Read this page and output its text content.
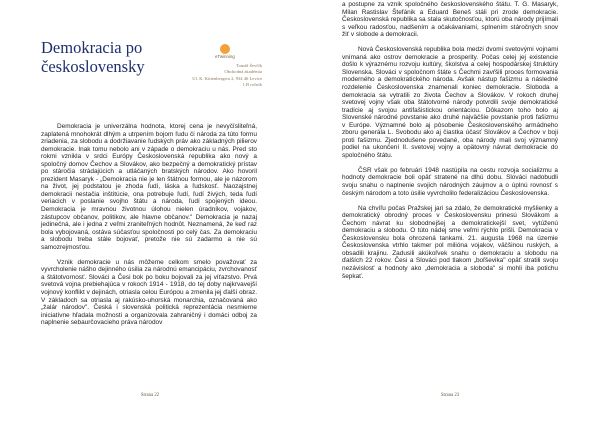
Demokracia po československy
eTwinning
Tomáš Ševčík
Obchodná akadémia
Ul. K. Kittenbergera 2, 934 46 Levice
1.B ročník

Demokracia je univerzálna hodnota, ktorej cena je nevyčísliteľná, zaplatená mnohokrát dlhým a utrpením bojom ľudu či národa za túto formu zriadenia, za slobodu a dodržiavanie ľudských práv ako základných pilierov demokracie. Inak tomu nebolo ani v západe o demokraciu u nás. Pred sto rokmi vznikla v srdci Európy Československá republika ako nový a spoločný domov Čechov a Slovákov, ako bezpečný a demokratický prístav po stáročia strádajúcich a utláčaných bratských národov. Ako hovoril prezident Masaryk - „Demokracia nie je len štátnou formou, ale je názorom na život, jej podstatou je zhoda ľudí, láska a ľudskosť. Naozajstnej demokracii nestačia inštitúcie, ona potrebuje ľudí, ľudí živých, teda ľudí veriacich v poslanie svojho štátu a národa, ľudí spojených ideou. Demokracia je mravnou životnou úlohou nielen úradníkov, vojakov, zástupcov občanov, politikov, ale hlavne občanov." Demokracia je nazaj jedinečná, ale i jedna z veľmi zraniteľných hodnôt. Neznamená, že keď raz bola vybojovaná, ostáva súčasťou spoločnosti po celý čas. Za demokraciu a slobodu treba stále bojovať, pretože nie sú zadarmo a nie sú samozrejmosťou.

Vznik demokracie u nás môžeme celkom smelo považovať za vyvrcholenie nášho dejinného úsilia za národnú emancipáciu, zvrchovanosť a štátotvornosť. Slováci a Česi bok po boku bojovali za jej víťazstvo. Prvá svetová vojna prebiehajúca v rokoch 1914 - 1918, do tej doby najkrvavejší vojnový konflikt v dejinách, otriasla celou Európou a zmenila jej ďalší obraz. V základoch sa otriasla aj rakúsko-uhorská monarchia, označovaná ako „žalár národov". Česká i slovenská politická reprezentácia nesmierne iniciatívne hľadala možnosti a organizovala zahraničný i domáci odboj za naplnenie sebaurčovacieho práva národov

Strana 22

a postupne za vznik spoločného československého štátu. T. G. Masaryk, Milan Rastislav Štefánik a Eduard Beneš stáli pri zrode demokracie. Československá republika sa stala skutočnosťou, ktorú oba národy prijímali s veľkou radosťou, nadšením a očakávaniami, splnením stáročných snov žiť v slobode a demokracii.

Nová Československá republika bola medzi dvomi svetovými vojnami vnímaná ako ostrov demokracie a prosperity. Počas celej jej existencie došlo k výraznému rozvoju kultúry, školstva a celej hospodárskej štruktúry Slovenska. Slováci v spoločnom štáte s Čechmi zavŕšili proces formovania moderného a demokratického národa. Avšak nástup fašizmu a následné rozdelenie Československa znamenali koniec demokracie. Sloboda a demokracia sa vytratili zo života Čechov a Slovákov. V rokoch druhej svetovej vojny však oba štátotvorné národy potvrdili svoje demokratické tradície aj svojou antifašistickou orientáciou. Dôkazom toho bolo aj Slovenské národné povstanie ako druhé najväčšie povstanie proti fašizmu v Európe. Významné bolo aj pôsobenie Československého armádneho zboru generála L. Svobodu ako aj čiastka účasť Slovákov a Čechov v boji proti fašizmu. Zjednodušene povedané, oba národy mali svoj významný podiel na ukončení II. svetovej vojny a opätovný návrat demokracie do spoločného štátu.

ČSR však po februári 1948 nastúpila na cestu rozvoja socializmu a hodnoty demokracie boli opäť stratené na dlhú dobu. Slováci nadobudli svoju snahu o naplnenie svojich národných záujmov a o úplnú rovnosť s českým národom a toto úsilie vyvrcholilo federalizáciou Československa.

Na chvíľu počas Pražskej jari sa zdalo, že demokratické myšlienky a demokratický obrodný proces v Československu prinesú Slovákom a Čechom návrat ku slobodnejšej a demokratickejší svet, vytúženú demokraciu a slobodu. O túto nádej sme veľmi rýchlo prišli. Demokracia v Československu bola ohrozená tankami. 21. augusta 1968 na územie Československa vtrhlo takmer pol milióna vojakov, väčšinou ruských, a obsadili krajinu. Zadusili akúkoľvek snahu o demokraciu a slobodu na ďalších 22 rokov. Česi a Slováci pod tlakom „boľševika" opäť stratili svoju nezávislosť a hodnoty ako „demokracia a sloboda" si mohli iba potichu šepkať.

Strana 23
